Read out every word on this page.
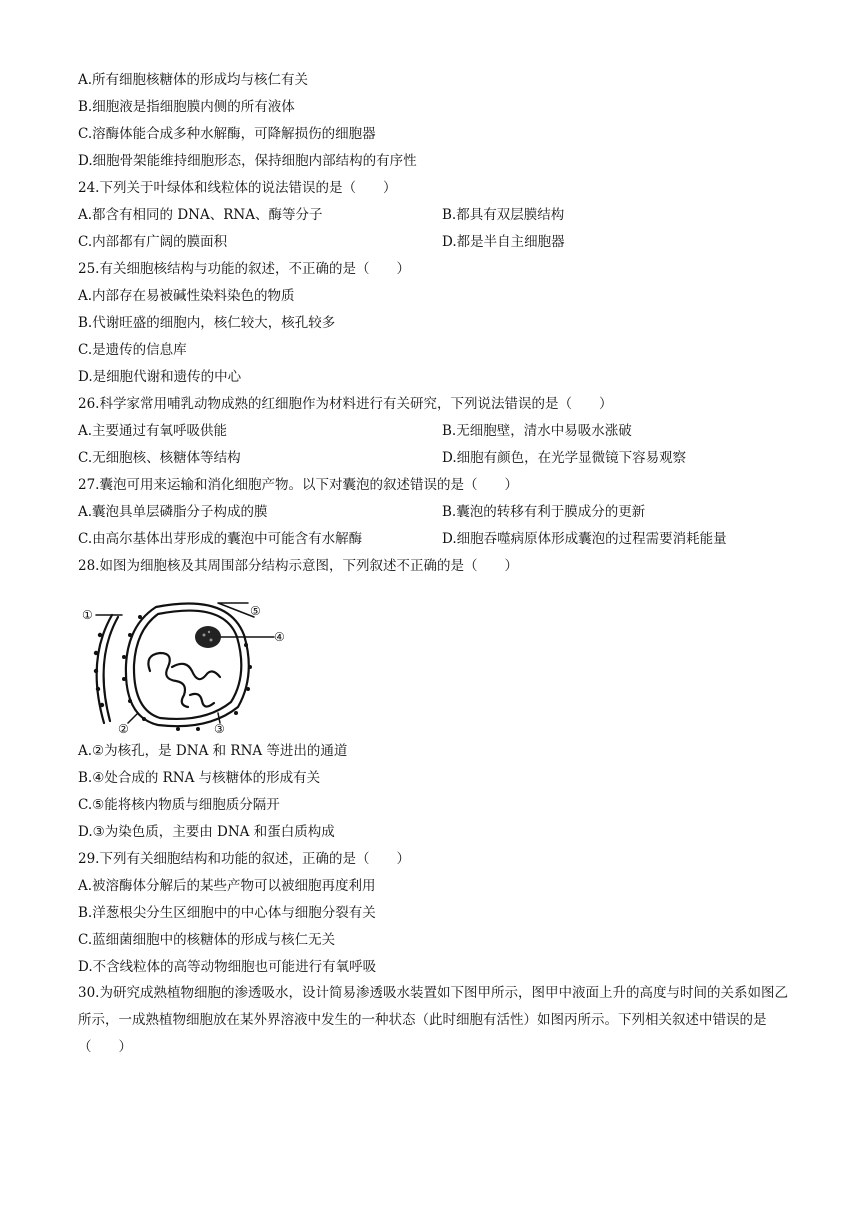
A.所有细胞核糖体的形成均与核仁有关
B.细胞液是指细胞膜内侧的所有液体
C.溶酶体能合成多种水解酶，可降解损伤的细胞器
D.细胞骨架能维持细胞形态，保持细胞内部结构的有序性
24.下列关于叶绿体和线粒体的说法错误的是（　　）
A.都含有相同的 DNA、RNA、酶等分子	B.都具有双层膜结构
C.内部都有广阔的膜面积	D.都是半自主细胞器
25.有关细胞核结构与功能的叙述，不正确的是（　　）
A.内部存在易被碱性染料染色的物质
B.代谢旺盛的细胞内，核仁较大，核孔较多
C.是遗传的信息库
D.是细胞代谢和遗传的中心
26.科学家常用哺乳动物成熟的红细胞作为材料进行有关研究，下列说法错误的是（　　）
A.主要通过有氧呼吸供能	B.无细胞壁，清水中易吸水涨破
C.无细胞核、核糖体等结构	D.细胞有颜色，在光学显微镜下容易观察
27.囊泡可用来运输和消化细胞产物。以下对囊泡的叙述错误的是（　　）
A.囊泡具单层磷脂分子构成的膜	B.囊泡的转移有利于膜成分的更新
C.由高尔基体出芽形成的囊泡中可能含有水解酶	D.细胞吞噬病原体形成囊泡的过程需要消耗能量
28.如图为细胞核及其周围部分结构示意图，下列叙述不正确的是（　　）
①
②	③
④
⑤
A.②为核孔，是 DNA 和 RNA 等进出的通道
B.④处合成的 RNA 与核糖体的形成有关
C.⑤能将核内物质与细胞质分隔开
D.③为染色质，主要由 DNA 和蛋白质构成
29.下列有关细胞结构和功能的叙述，正确的是（　　）
A.被溶酶体分解后的某些产物可以被细胞再度利用
B.洋葱根尖分生区细胞中的中心体与细胞分裂有关
C.蓝细菌细胞中的核糖体的形成与核仁无关
D.不含线粒体的高等动物细胞也可能进行有氧呼吸
30.为研究成熟植物细胞的渗透吸水，设计简易渗透吸水装置如下图甲所示，图甲中液面上升的高度与时间的关系如图乙所示，一成熟植物细胞放在某外界溶液中发生的一种状态（此时细胞有活性）如图丙所示。下列相关叙述中错误的是（　　）
